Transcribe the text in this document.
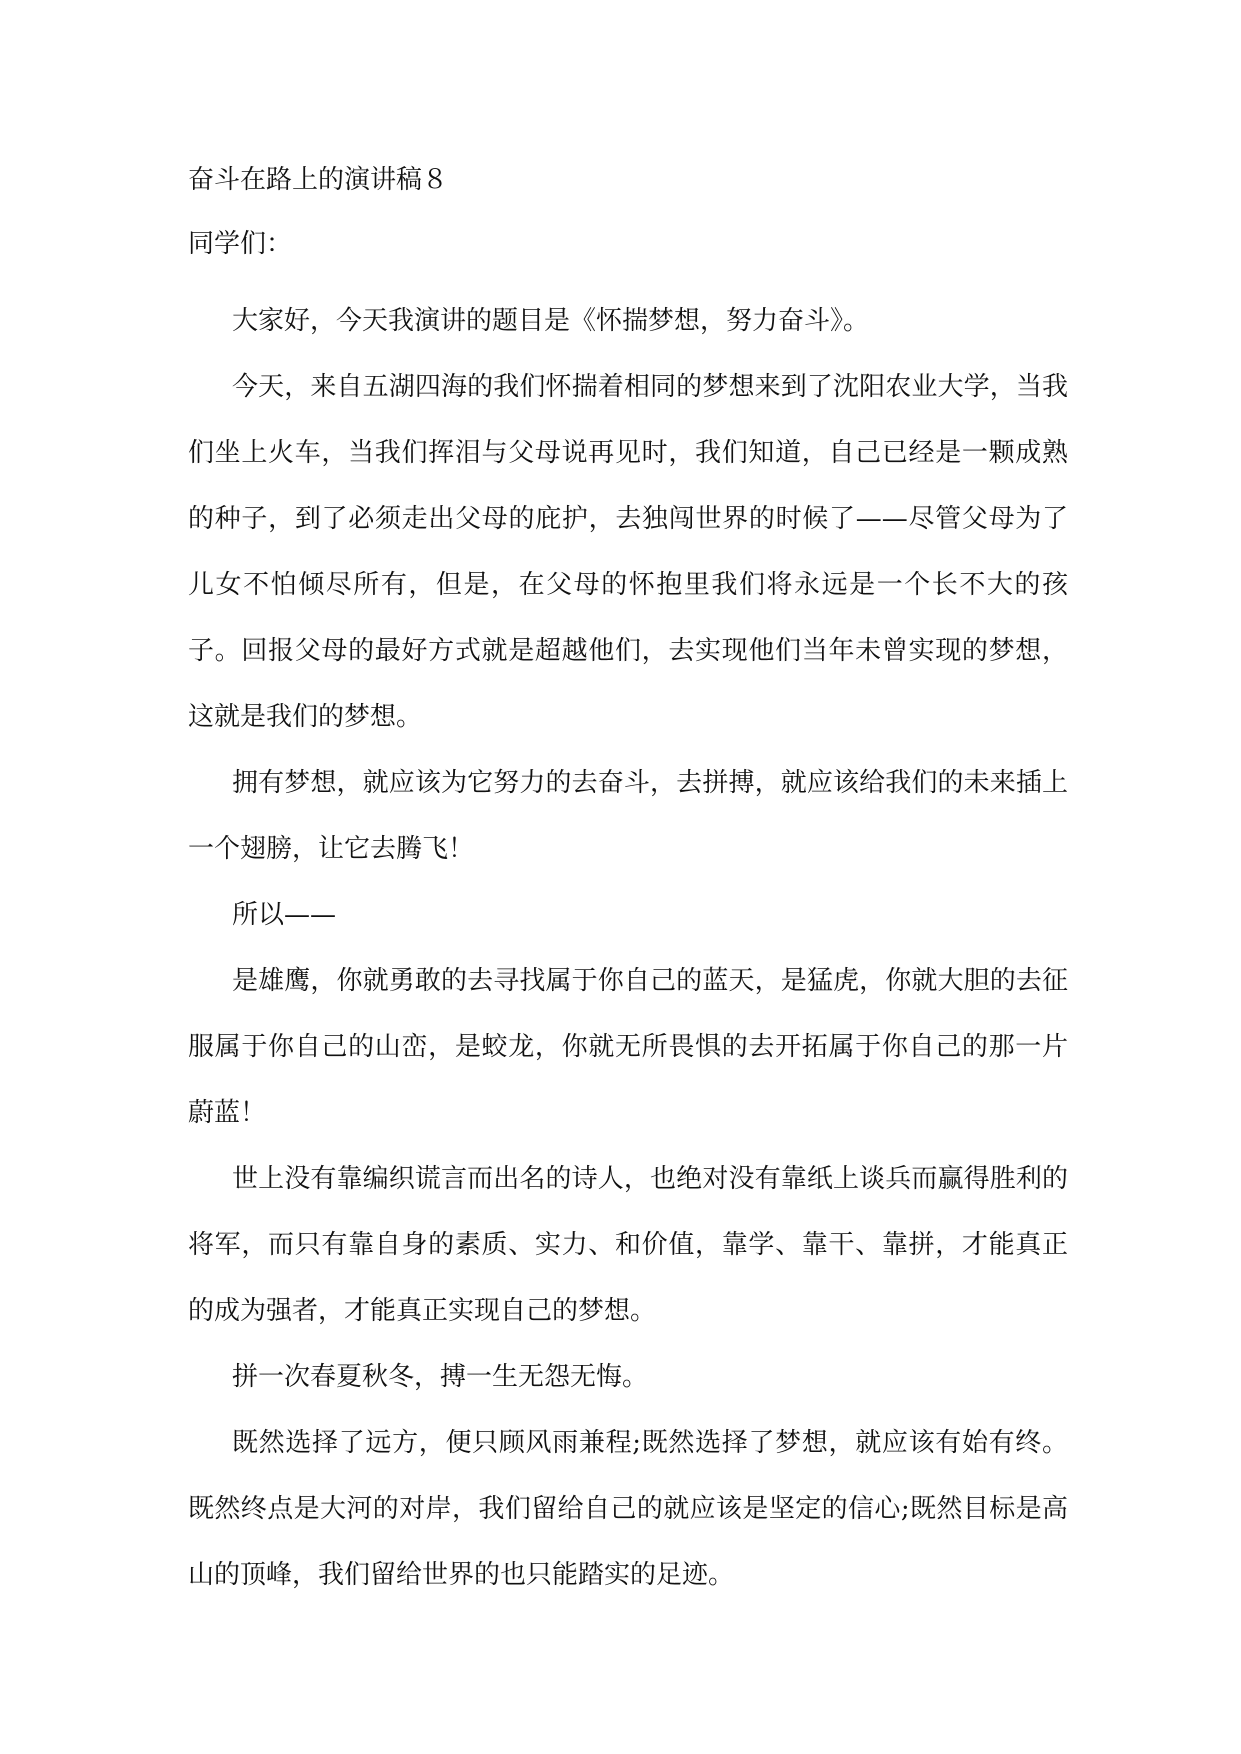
奋斗在路上的演讲稿８
同学们：

大家好，今天我演讲的题目是《怀揣梦想，努力奋斗》。

今天，来自五湖四海的我们怀揣着相同的梦想来到了沈阳农业大学，当我们坐上火车，当我们挥泪与父母说再见时，我们知道，自己已经是一颗成熟的种子，到了必须走出父母的庇护，去独闯世界的时候了——尽管父母为了儿女不怕倾尽所有，但是，在父母的怀抱里我们将永远是一个长不大的孩子。回报父母的最好方式就是超越他们，去实现他们当年未曾实现的梦想，这就是我们的梦想。

拥有梦想，就应该为它努力的去奋斗，去拼搏，就应该给我们的未来插上一个翅膀，让它去腾飞！

所以——

是雄鹰，你就勇敢的去寻找属于你自己的蓝天，是猛虎，你就大胆的去征服属于你自己的山峦，是蛟龙，你就无所畏惧的去开拓属于你自己的那一片蔚蓝！

世上没有靠编织谎言而出名的诗人，也绝对没有靠纸上谈兵而赢得胜利的将军，而只有靠自身的素质、实力、和价值，靠学、靠干、靠拼，才能真正的成为强者，才能真正实现自己的梦想。

拼一次春夏秋冬，搏一生无怨无悔。

既然选择了远方，便只顾风雨兼程;既然选择了梦想，就应该有始有终。既然终点是大河的对岸，我们留给自己的就应该是坚定的信心;既然目标是高山的顶峰，我们留给世界的也只能踏实的足迹。
